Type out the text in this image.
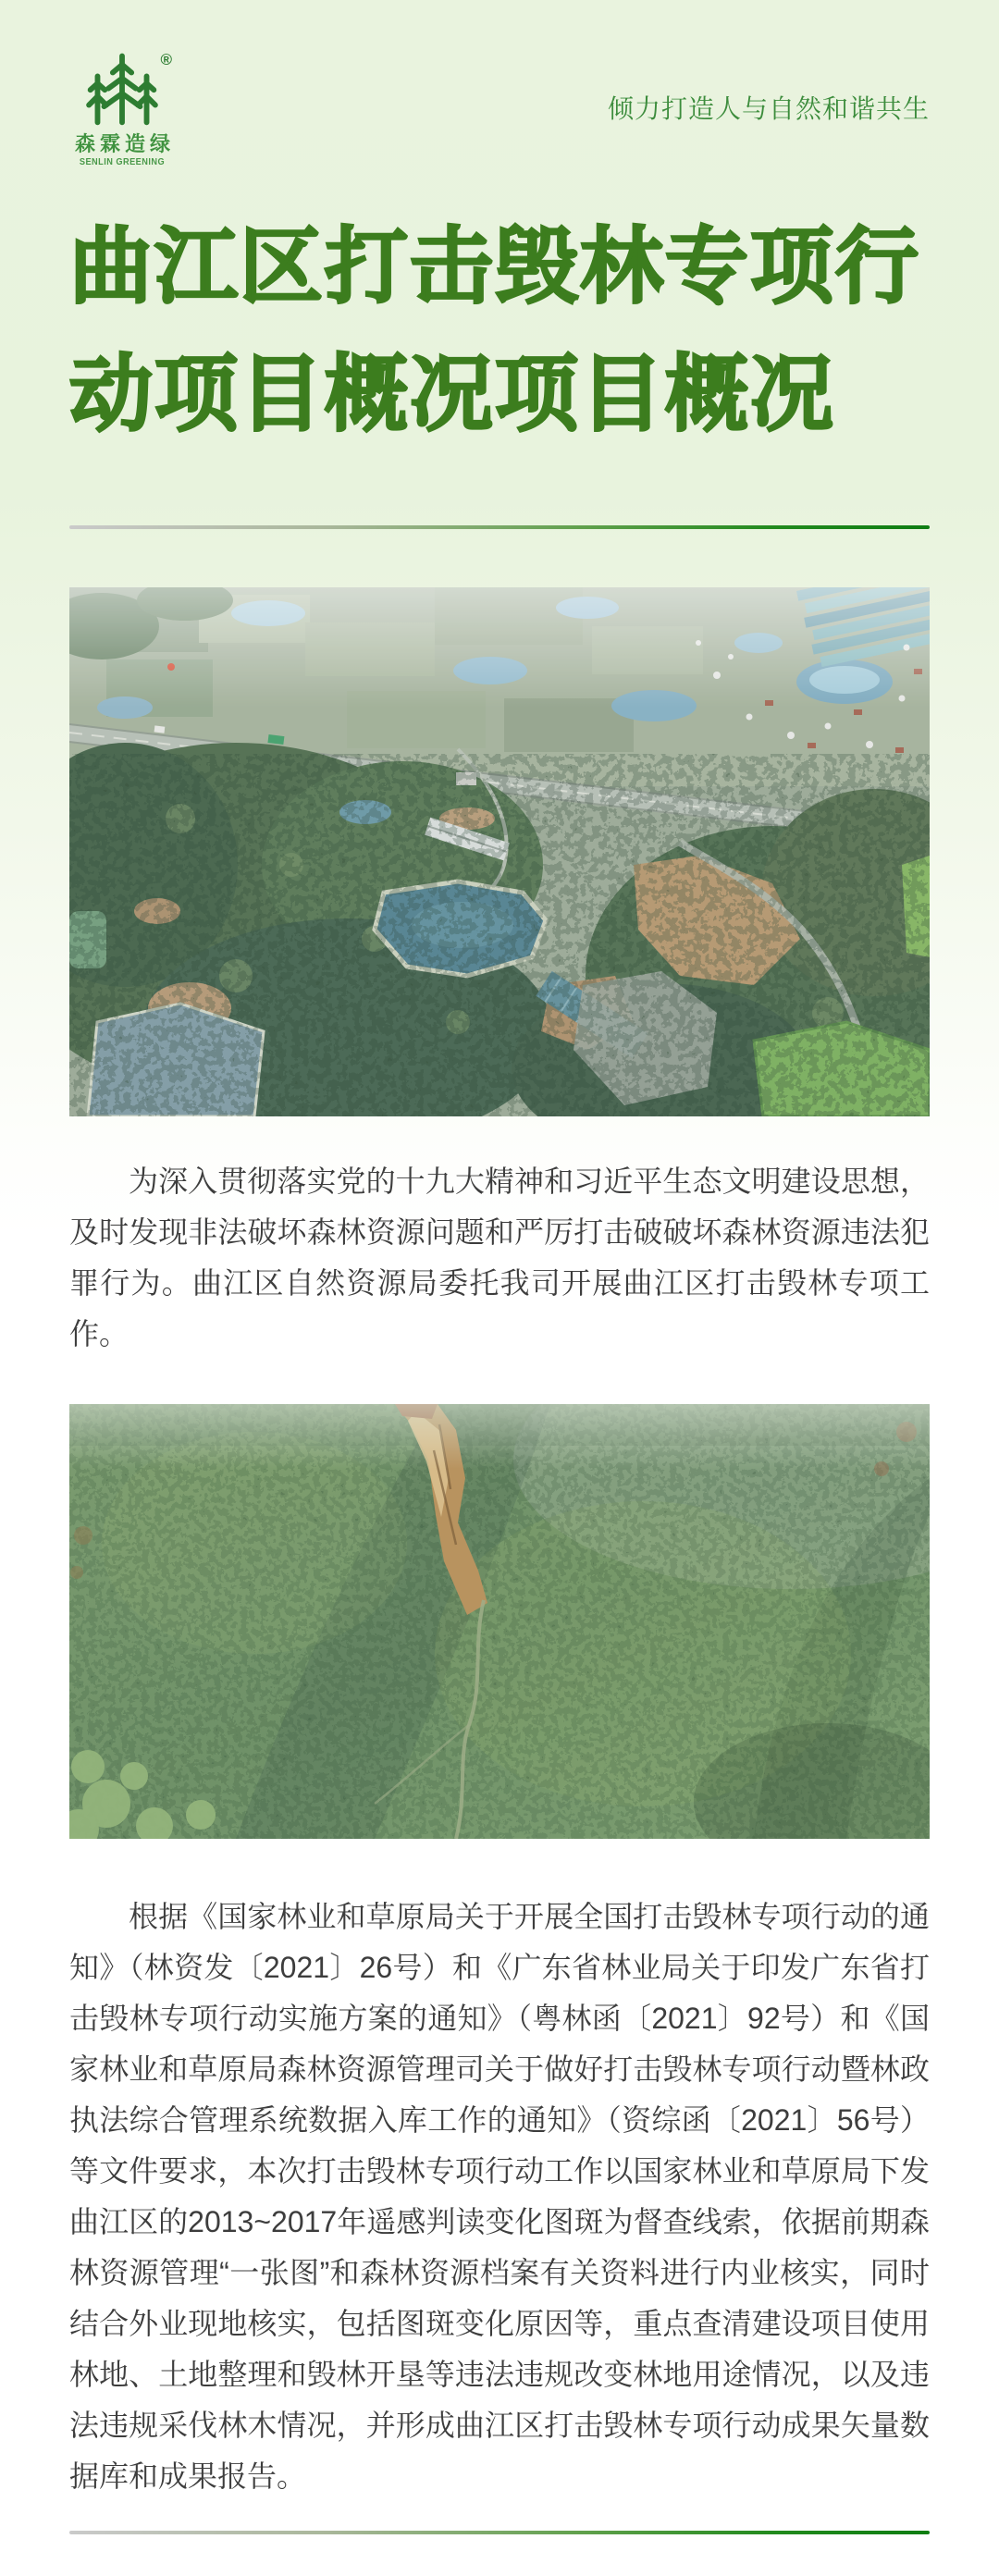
®
森霖造绿
SENLIN GREENING
倾力打造人与自然和谐共生
曲江区打击毁林专项行动项目概况项目概况

为深入贯彻落实党的十九大精神和习近平生态文明建设思想，及时发现非法破坏森林资源问题和严厉打击破破坏森林资源违法犯罪行为。曲江区自然资源局委托我司开展曲江区打击毁林专项工作。

根据《国家林业和草原局关于开展全国打击毁林专项行动的通知》（林资发〔2021〕26号）和《广东省林业局关于印发广东省打击毁林专项行动实施方案的通知》（粤林函〔2021〕92号）和《国家林业和草原局森林资源管理司关于做好打击毁林专项行动暨林政执法综合管理系统数据入库工作的通知》（资综函〔2021〕56号）等文件要求，本次打击毁林专项行动工作以国家林业和草原局下发曲江区的2013~2017年遥感判读变化图斑为督查线索，依据前期森林资源管理“一张图”和森林资源档案有关资料进行内业核实，同时结合外业现地核实，包括图斑变化原因等，重点查清建设项目使用林地、土地整理和毁林开垦等违法违规改变林地用途情况，以及违法违规采伐林木情况，并形成曲江区打击毁林专项行动成果矢量数据库和成果报告。
